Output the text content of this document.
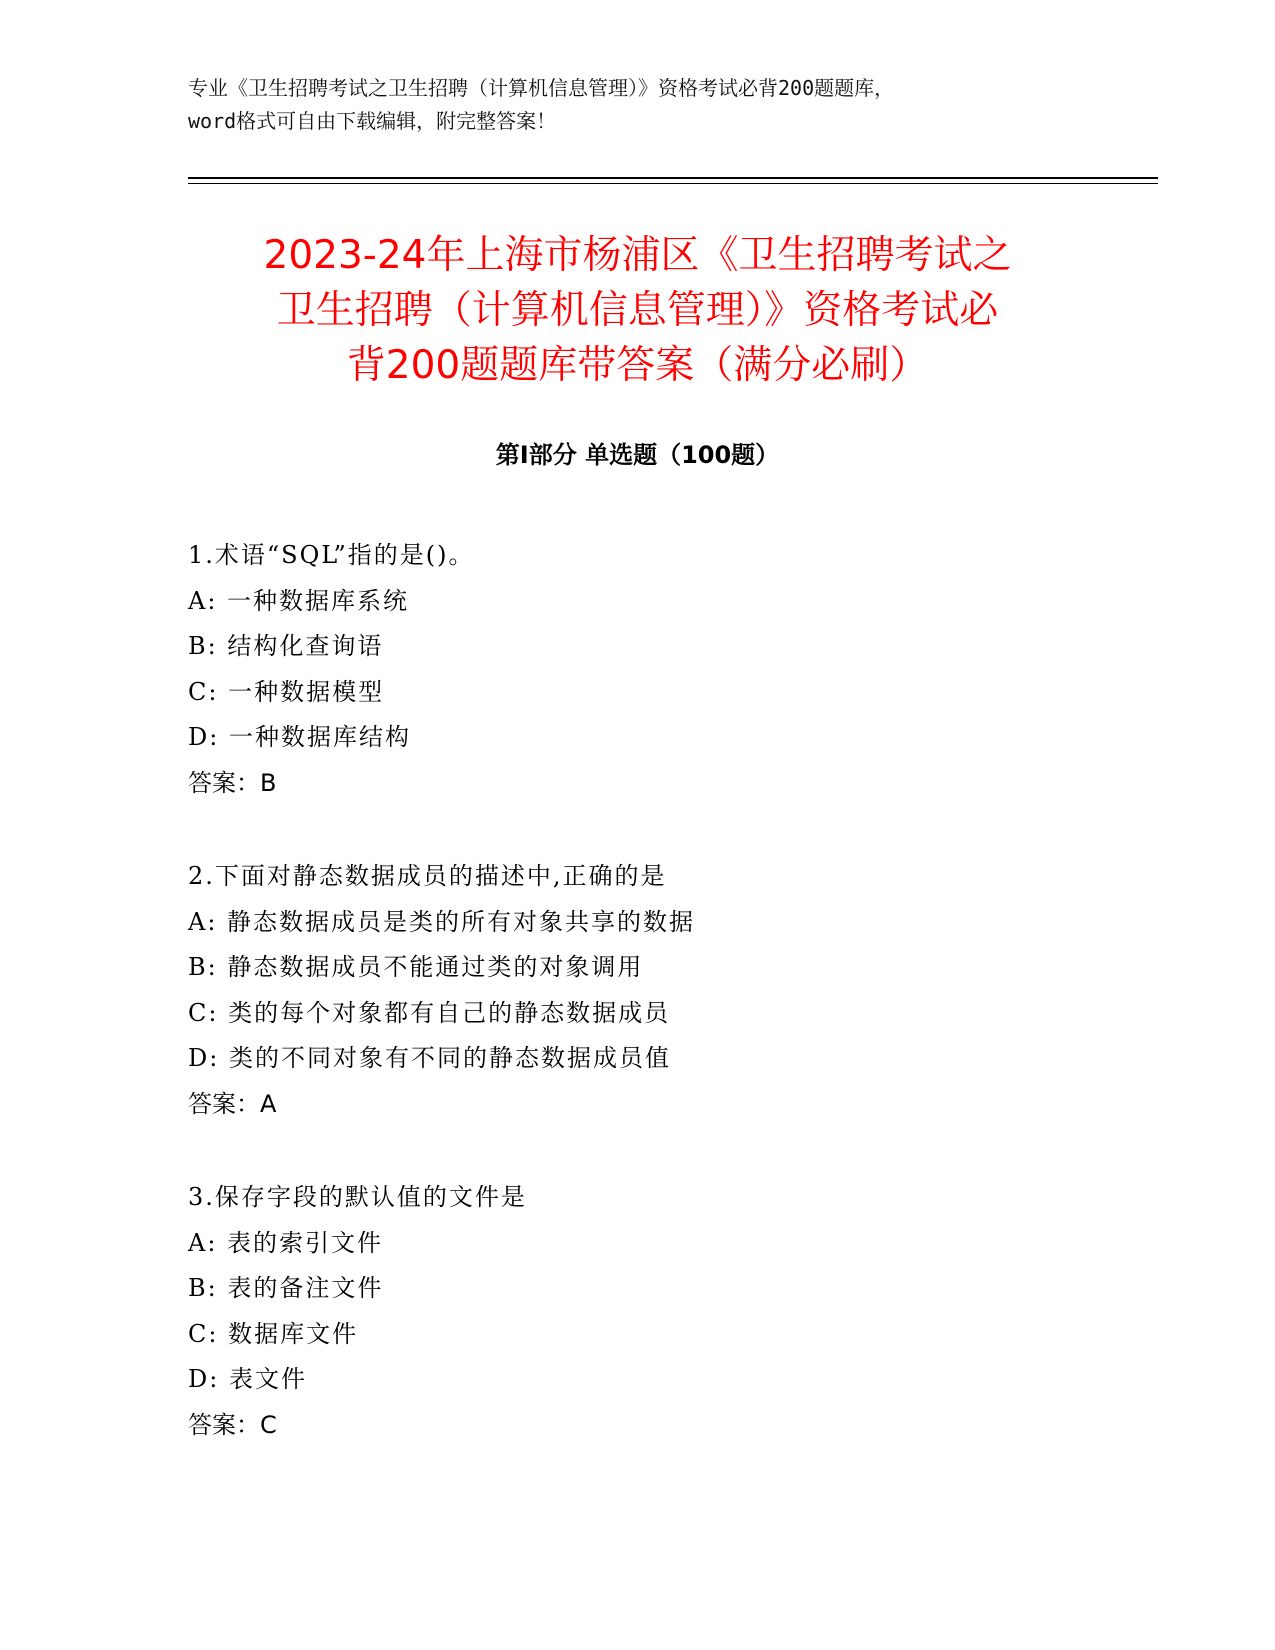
专业《卫生招聘考试之卫生招聘（计算机信息管理）》资格考试必背200题题库，
word格式可自由下载编辑，附完整答案！
2023-24年上海市杨浦区《卫生招聘考试之
卫生招聘（计算机信息管理）》资格考试必
背200题题库带答案（满分必刷）
第Ⅰ部分 单选题（100题）
1.术语“SQL”指的是()。
A: 一种数据库系统
B: 结构化查询语
C: 一种数据模型
D: 一种数据库结构
答案：B
2.下面对静态数据成员的描述中,正确的是
A: 静态数据成员是类的所有对象共享的数据
B: 静态数据成员不能通过类的对象调用
C: 类的每个对象都有自己的静态数据成员
D: 类的不同对象有不同的静态数据成员值
答案：A
3.保存字段的默认值的文件是
A: 表的索引文件
B: 表的备注文件
C: 数据库文件
D: 表文件
答案：C
